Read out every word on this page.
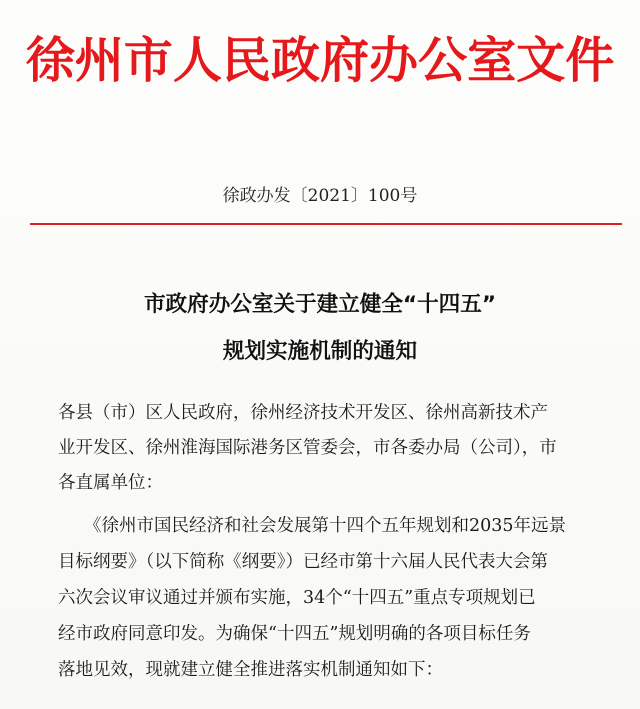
徐州市人民政府办公室文件
徐政办发〔2021〕100号
市政府办公室关于建立健全“十四五”
规划实施机制的通知
各县（市）区人民政府，徐州经济技术开发区、徐州高新技术产
业开发区、徐州淮海国际港务区管委会，市各委办局（公司），市
各直属单位：
《徐州市国民经济和社会发展第十四个五年规划和2035年远景
目标纲要》（以下简称《纲要》）已经市第十六届人民代表大会第
六次会议审议通过并颁布实施，34个“十四五”重点专项规划已
经市政府同意印发。为确保“十四五”规划明确的各项目标任务
落地见效，现就建立健全推进落实机制通知如下：
